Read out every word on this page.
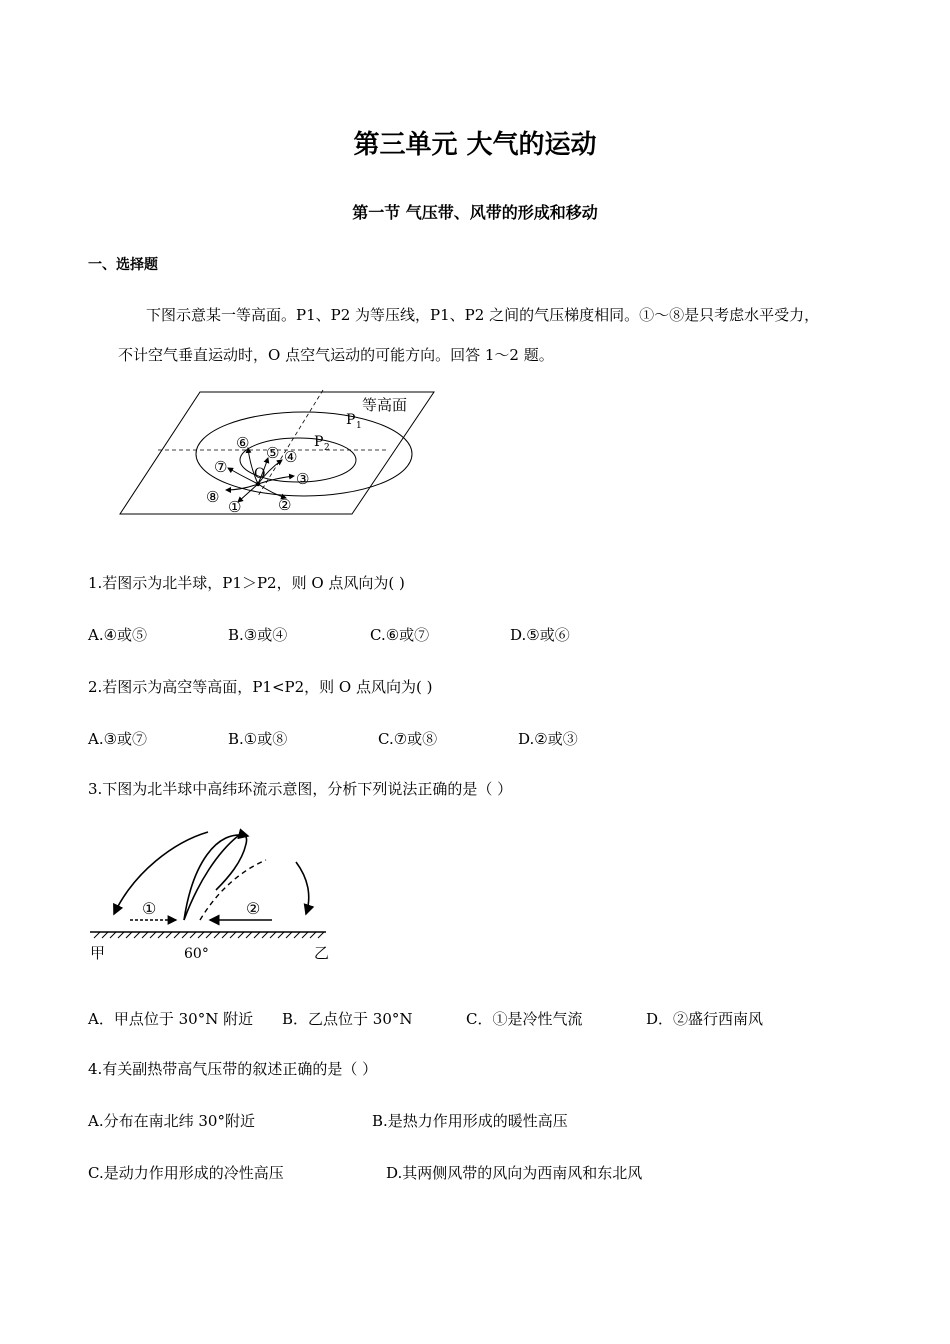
第三单元 大气的运动
第一节 气压带、风带的形成和移动
一、选择题
下图示意某一等高面。P1、P2 为等压线，P1、P2 之间的气压梯度相同。①～⑧是只考虑水平受力，
不计空气垂直运动时，O 点空气运动的可能方向。回答 1～2 题。
等高面
P 1
P 2
O
① ②
③
④
⑤
⑥
⑦
⑧
1.若图示为北半球，P1＞P2，则 O 点风向为( )
A.④或⑤	B.③或④	C.⑥或⑦	D.⑤或⑥
2.若图示为高空等高面，P1<P2，则 O 点风向为( )
A.③或⑦	B.①或⑧	C.⑦或⑧	D.②或③
3.下图为北半球中高纬环流示意图，分析下列说法正确的是（ ）
①	②
甲	60°	乙
A．甲点位于 30°N 附近 B．乙点位于 30°N	C．①是冷性气流	D．②盛行西南风
4.有关副热带高气压带的叙述正确的是（ ）
A.分布在南北纬 30°附近	B.是热力作用形成的暖性高压
C.是动力作用形成的冷性高压	D.其两侧风带的风向为西南风和东北风
